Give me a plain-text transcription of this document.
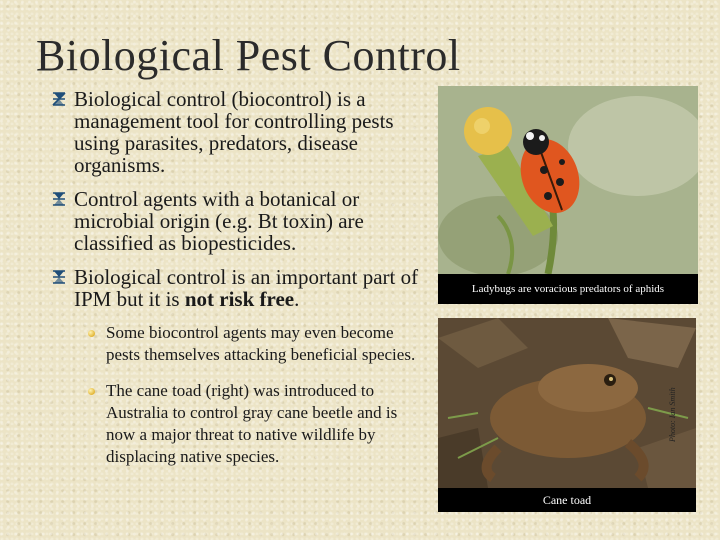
Biological Pest Control
Biological control (biocontrol) is a management tool for controlling pests using parasites, predators, disease organisms.
Control agents with a botanical or microbial origin (e.g. Bt toxin) are classified as biopesticides.
Biological control is an important part of IPM but it is not risk free.
Some biocontrol agents may even become pests themselves attacking beneficial species.
The cane toad (right) was introduced to Australia to control gray cane beetle and is now a major threat to native wildlife by displacing native species.
Ladybugs are voracious predators of aphids
Cane toad
Photo: Ian Smith
